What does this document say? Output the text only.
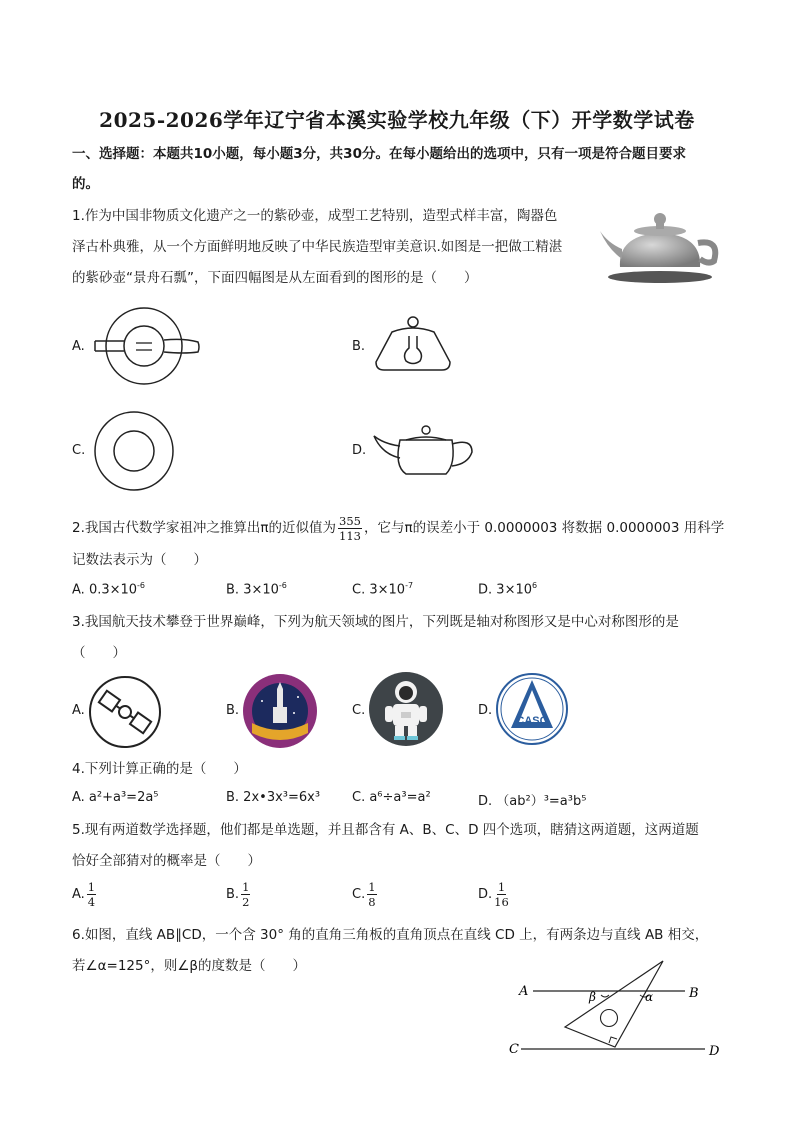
2025-2026学年辽宁省本溪实验学校九年级（下）开学数学试卷
一、选择题：本题共10小题，每小题3分，共30分。在每小题给出的选项中，只有一项是符合题目要求
的。
1.作为中国非物质文化遗产之一的紫砂壶，成型工艺特别，造型式样丰富，陶器色
泽古朴典雅，从一个方面鲜明地反映了中华民族造型审美意识.如图是一把做工精湛
的紫砂壶“景舟石瓢”，下面四幅图是从左面看到的图形的是（　　）
A.	B.
C.	D.
2.我国古代数学家祖冲之推算出π的近似值为 $\frac{355}{113}$ ，它与π的误差小于 0.0000003 将数据 0.0000003 用科学
记数法表示为（　　）
A. $0.3\times 10^{-6}$	B. $3\times 10^{-6}$	C. $3\times 10^{-7}$	D. $3\times 10^6$
3.我国航天技术攀登于世界巅峰，下列为航天领域的图片，下列既是轴对称图形又是中心对称图形的是
（　　）
A.	B.	C.	D.
CASC
4.下列计算正确的是（　　）
A. a²+a³=2a⁵	B. 2x•3x³=6x³ C. a⁶÷a³=a²	D. （ab²）³=a³b⁵
5.现有两道数学选择题，他们都是单选题，并且都含有 A、B、C、D 四个选项，瞎猜这两道题，这两道题
恰好全部猜对的概率是（　　）
A. $\frac{1}{4}$	B. $\frac{1}{2}$	C. $\frac{1}{8}$	D. $\frac{1}{16}$
6.如图，直线 AB∥CD，一个含 30° 角的直角三角板的直角顶点在直线 CD 上，有两条边与直线 AB 相交，
若∠α=125°，则∠β的度数是（　　）
A	B
C	D
α
β
